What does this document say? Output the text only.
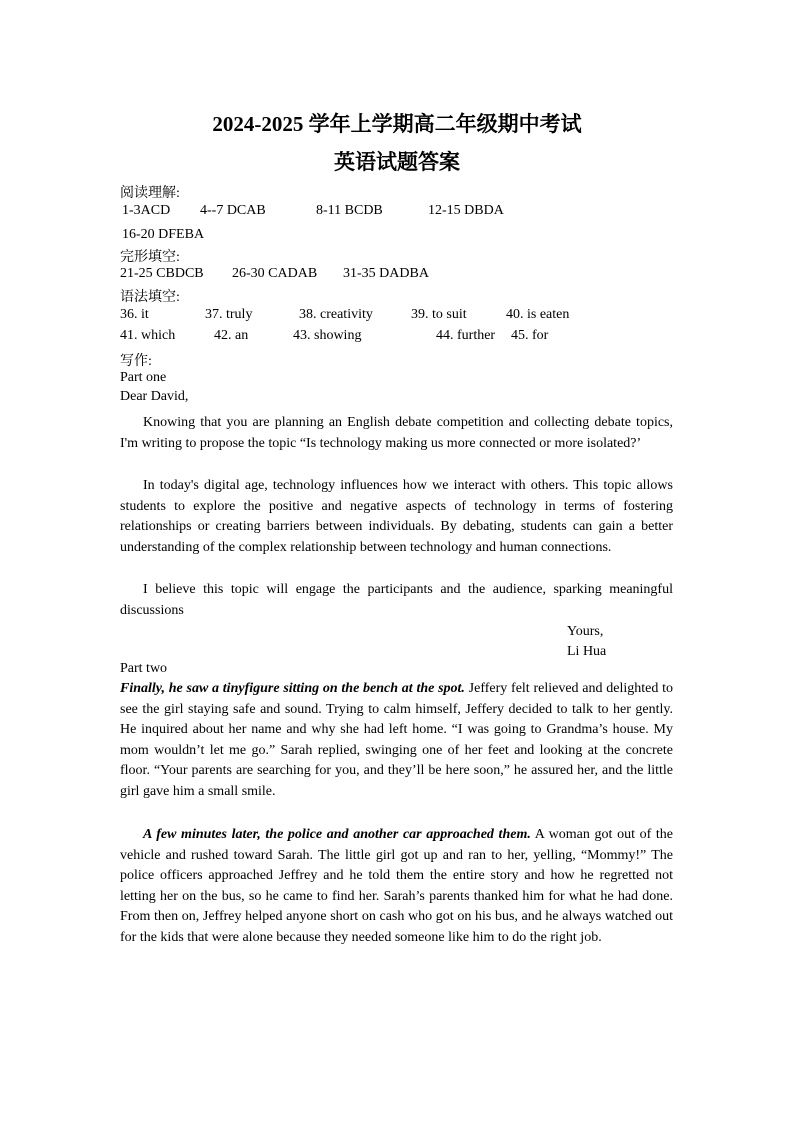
2024-2025 学年上学期高二年级期中考试
英语试题答案
阅读理解:
1-3ACD 4--7 DCAB	8-11 BCDB	12-15 DBDA
16-20 DFEBA
完形填空:
21-25 CBDCB 26-30 CADAB 31-35 DADBA
语法填空:
36. it	37. truly	38. creativity	39. to suit	40. is eaten
41. which	42. an	43. showing	44. further 45. for
写作:
Part one
Dear David,
Knowing that you are planning an English debate competition and collecting debate topics, I'm writing to propose the topic “Is technology making us more connected or more isolated?’
In today's digital age, technology influences how we interact with others. This topic allows students to explore the positive and negative aspects of technology in terms of fostering relationships or creating barriers between individuals. By debating, students can gain a better understanding of the complex relationship between technology and human connections.
I believe this topic will engage the participants and the audience, sparking meaningful discussions
Yours,
Li Hua
Part two
Finally, he saw a tinyfigure sitting on the bench at the spot. Jeffery felt relieved and delighted to see the girl staying safe and sound. Trying to calm himself, Jeffery decided to talk to her gently. He inquired about her name and why she had left home. “I was going to Grandma’s house. My mom wouldn’t let me go.” Sarah replied, swinging one of her feet and looking at the concrete floor. “Your parents are searching for you, and they’ll be here soon,” he assured her, and the little girl gave him a small smile.
A few minutes later, the police and another car approached them. A woman got out of the vehicle and rushed toward Sarah. The little girl got up and ran to her, yelling, “Mommy!” The police officers approached Jeffrey and he told them the entire story and how he regretted not letting her on the bus, so he came to find her. Sarah’s parents thanked him for what he had done. From then on, Jeffrey helped anyone short on cash who got on his bus, and he always watched out for the kids that were alone because they needed someone like him to do the right job.
